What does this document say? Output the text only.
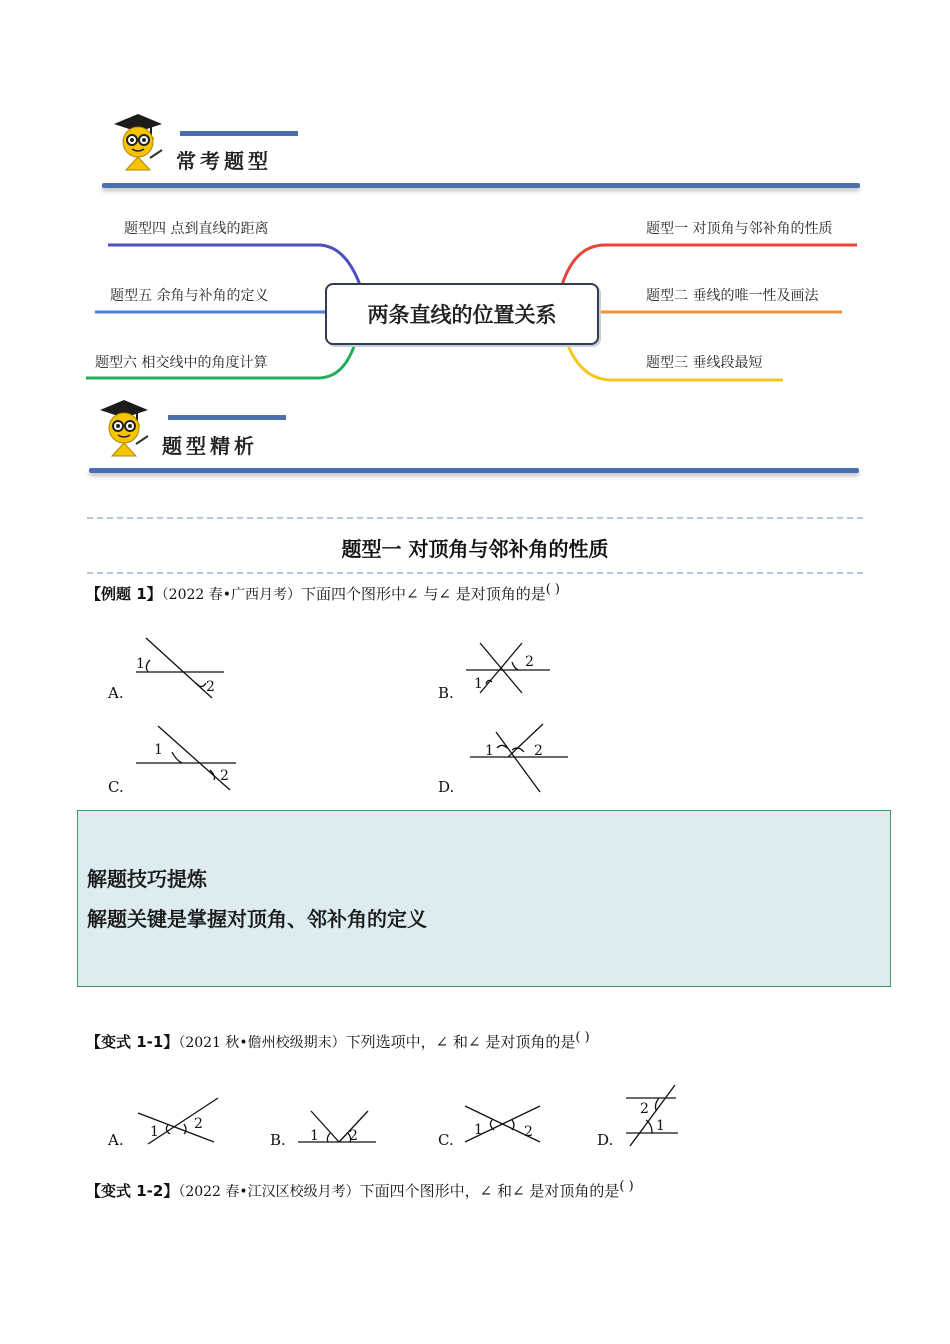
常考题型
题型四 点到直线的距离
题型五 余角与补角的定义
题型六 相交线中的角度计算
题型一 对顶角与邻补角的性质
题型二 垂线的唯一性及画法
题型三 垂线段最短
两条直线的位置关系
题型精析
题型一 对顶角与邻补角的性质
【例题 1】（2022 春•广西月考）下面四个图形中∠ 与∠ 是对顶角的是( )
A.	B.
C.	D.
1
2
2
1
1
2
1	2
解题技巧提炼
解题关键是掌握对顶角、邻补角的定义
【变式 1-1】（2021 秋•儋州校级期末）下列选项中，∠ 和∠ 是对顶角的是( )
A.	B.	C.	D.
1	2
1 2	1	2
2
1
【变式 1-2】（2022 春•江汉区校级月考）下面四个图形中，∠ 和∠ 是对顶角的是( )
